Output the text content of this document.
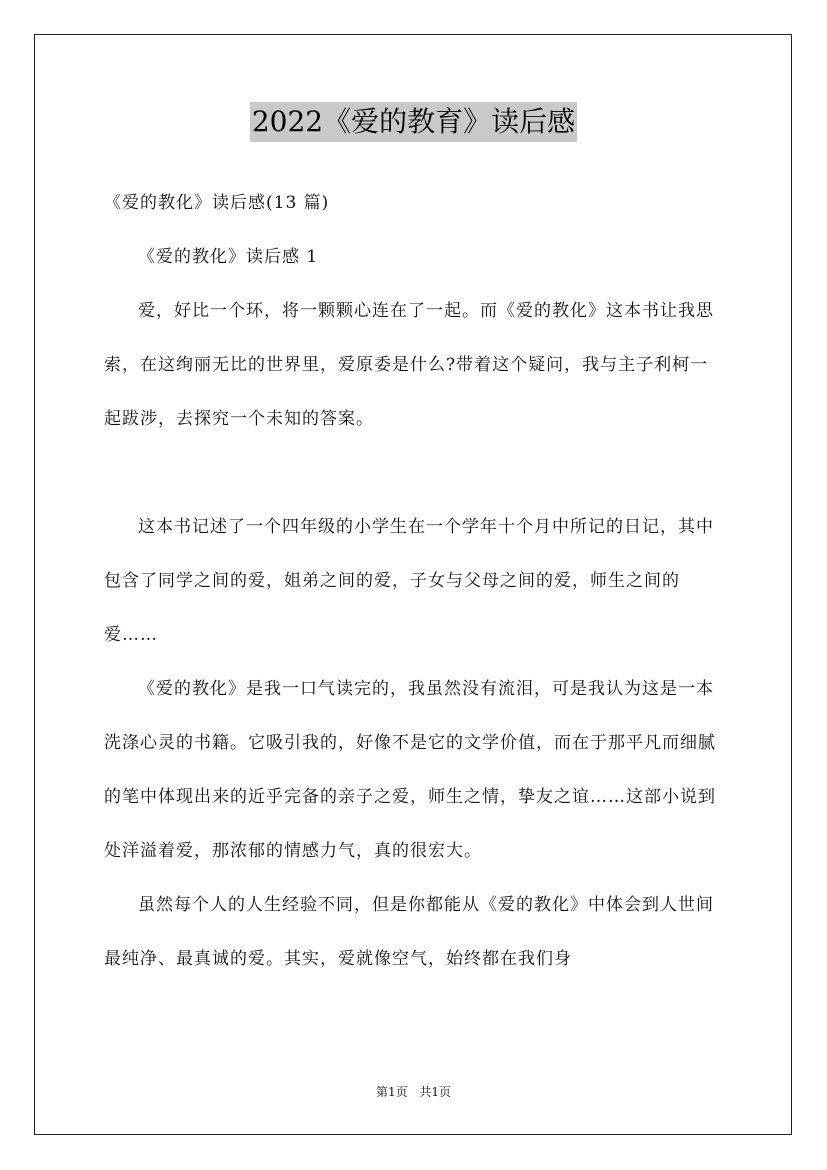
2022《爱的教育》读后感

《爱的教化》读后感(13 篇)

《爱的教化》读后感 1

爱，好比一个环，将一颗颗心连在了一起。而《爱的教化》这本书让我思索，在这绚丽无比的世界里，爱原委是什么?带着这个疑问，我与主子利柯一起跋涉，去探究一个未知的答案。

这本书记述了一个四年级的小学生在一个学年十个月中所记的日记，其中包含了同学之间的爱，姐弟之间的爱，子女与父母之间的爱，师生之间的爱……

《爱的教化》是我一口气读完的，我虽然没有流泪，可是我认为这是一本洗涤心灵的书籍。它吸引我的，好像不是它的文学价值，而在于那平凡而细腻的笔中体现出来的近乎完备的亲子之爱，师生之情，挚友之谊……这部小说到处洋溢着爱，那浓郁的情感力气，真的很宏大。

虽然每个人的人生经验不同，但是你都能从《爱的教化》中体会到人世间最纯净、最真诚的爱。其实，爱就像空气，始终都在我们身

第1页 共1页
